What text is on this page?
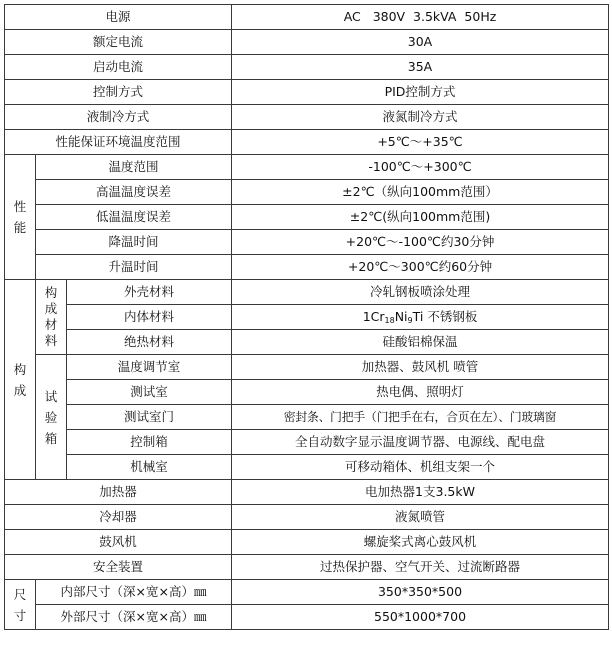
电源			AC   380V  3.5kVA  50Hz
额定电流			30A
启动电流			35A
控制方式			PID控制方式
液制冷方式			液氮制冷方式
性能保证环境温度范围			+5℃～+35℃
性能	温度范围		-100℃～+300℃
	高温温度误差		±2℃（纵向100mm范围）
	低温温度误差		±2℃(纵向100mm范围)
	降温时间		+20℃～-100℃约30分钟
	升温时间		+20℃～300℃约60分钟
构成	构成材料	外壳材料	冷轧钢板喷涂处理
		内体材料	$1Cr_{18}Ni_9Ti$ 不锈钢板
		绝热材料	硅酸铝棉保温
	试验箱	温度调节室	加热器、鼓风机 喷管
		测试室	热电偶、照明灯
		测试室门	密封条、门把手（门把手在右，合页在左）、门玻璃窗
		控制箱	全自动数字显示温度调节器、电源线、配电盘
		机械室	可移动箱体、机组支架一个
加热器			电加热器1支3.5kW
冷却器			液氮喷管
鼓风机			螺旋桨式离心鼓风机
安全装置			过热保护器、空气开关、过流断路器
尺寸	内部尺寸（深×宽×高）㎜		350*350*500
	外部尺寸（深×宽×高）㎜		550*1000*700
